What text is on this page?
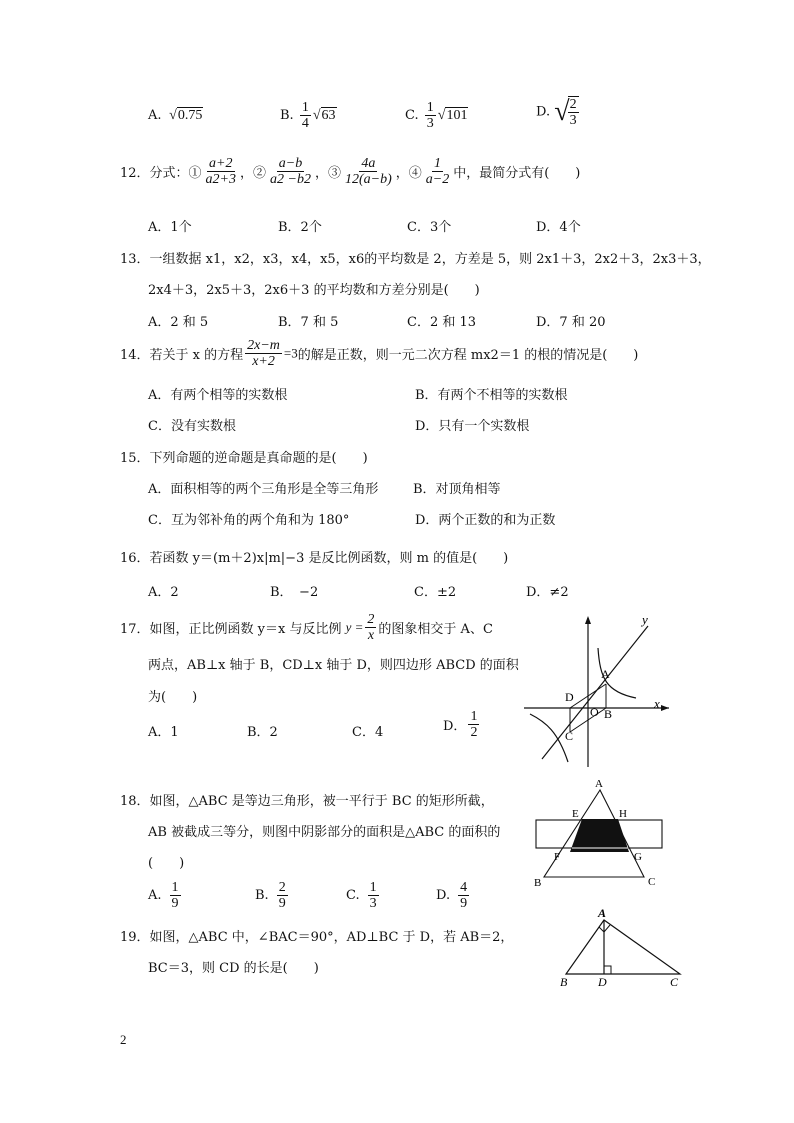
A.  √0.75	B. $\frac{1}{4} √63$	C. $\frac{1}{3} √101$	D. √
$\frac{2}{3}$
12．分式：① $\frac{a+2}{a2+3}$ ，② $\frac{a-b}{a2 -b2}$ ，③ $\frac{4a}{12(a-b)}$ ，④ $\frac{1}{a-2}$ 中，最简分式有(　　)
A．1个	B．2个	C．3个	D．4个
13．一组数据 x1，x2，x3，x4，x5，x6的平均数是 2，方差是 5，则 2x1＋3，2x2＋3，2x3＋3，
2x4＋3，2x5＋3，2x6＋3 的平均数和方差分别是(　　)
A．2 和 5	B．7 和 5	C．2 和 13	D．7 和 20
14．若关于 x 的方程 $\frac{2x-m}{x+2} =3$的解是正数，则一元二次方程 mx2＝1 的根的情况是(　　)
A．有两个相等的实数根	B．有两个不相等的实数根
C．没有实数根	D．只有一个实数根
15．下列命题的逆命题是真命题的是(　　)
A．面积相等的两个三角形是全等三角形	B．对顶角相等
C．互为邻补角的两个角和为 180°	D．两个正数的和为正数
16．若函数 y＝(m＋2)x|m|−3 是反比例函数，则 m 的值是(　　)
A．2	B．　−2	C．±2	D．≠2
17．如图，正比例函数 y＝x 与反比例 $y = \frac{2}{x}$ 的图象相交于 A、C
两点，AB⊥x 轴于 B，CD⊥x 轴于 D，则四边形 ABCD 的面积
为(　　)
A．1	B．2	C．4	D． $\frac{1}{2}$
y
x
A
B
D
O
C
18．如图，△ABC 是等边三角形，被一平行于 BC 的矩形所截，
AB 被截成三等分，则图中阴影部分的面积是△ABC 的面积的
(　　)
A. $\frac{1}{9}$	B. $\frac{2}{9}$	C. $\frac{1}{3}$	D. $\frac{4}{9}$
A
B	C
E	H
F	G
19．如图，△ABC 中，∠BAC＝90°，AD⊥BC 于 D，若 AB＝2，
BC＝3，则 CD 的长是(　　)
A
B	D	C
2
